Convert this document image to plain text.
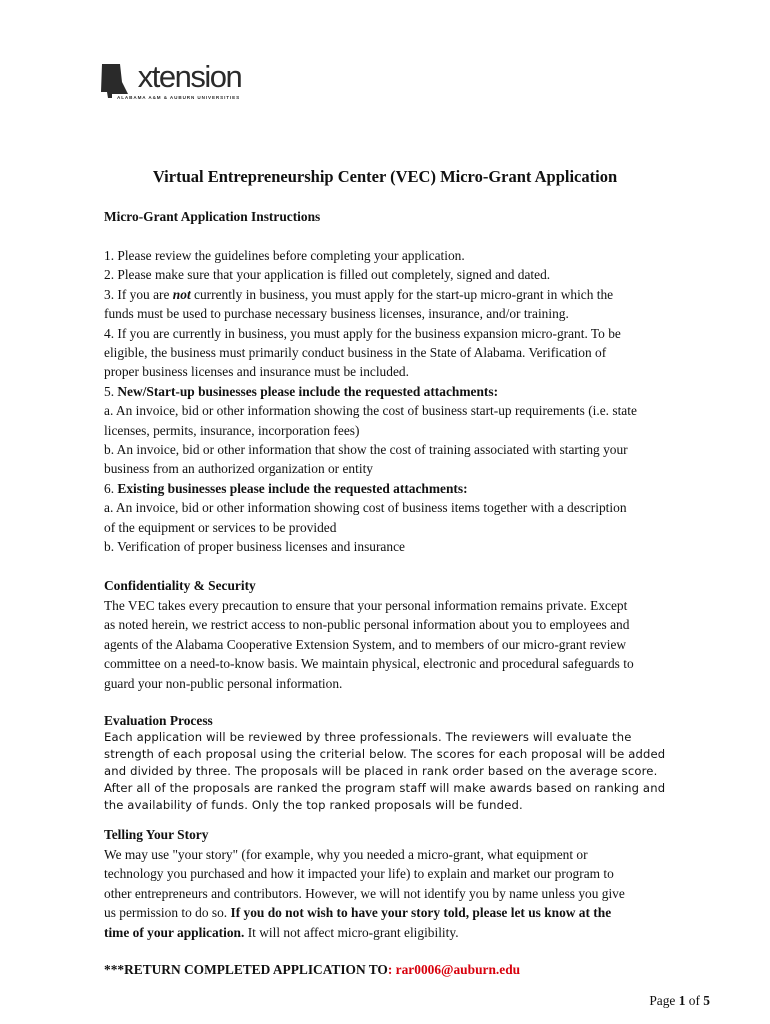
extension
ALABAMA A&M & AUBURN UNIVERSITIES
Virtual Entrepreneurship Center (VEC) Micro-Grant Application
Micro-Grant Application Instructions

1. Please review the guidelines before completing your application.

2. Please make sure that your application is filled out completely, signed and dated.

3. If you are not currently in business, you must apply for the start-up micro-grant in which the

funds must be used to purchase necessary business licenses, insurance, and/or training.

4. If you are currently in business, you must apply for the business expansion micro-grant. To be

eligible, the business must primarily conduct business in the State of Alabama. Verification of

proper business licenses and insurance must be included.

5. New/Start-up businesses please include the requested attachments:

a. An invoice, bid or other information showing the cost of business start-up requirements (i.e. state

licenses, permits, insurance, incorporation fees)

b. An invoice, bid or other information that show the cost of training associated with starting your

business from an authorized organization or entity

6. Existing businesses please include the requested attachments:

a. An invoice, bid or other information showing cost of business items together with a description

of the equipment or services to be provided

b. Verification of proper business licenses and insurance

Confidentiality & Security

The VEC takes every precaution to ensure that your personal information remains private. Except

as noted herein, we restrict access to non-public personal information about you to employees and

agents of the Alabama Cooperative Extension System, and to members of our micro-grant review

committee on a need-to-know basis. We maintain physical, electronic and procedural safeguards to

guard your non-public personal information.

Evaluation Process

Each application will be reviewed by three professionals. The reviewers will evaluate the

strength of each proposal using the criterial below. The scores for each proposal will be added

and divided by three. The proposals will be placed in rank order based on the average score.

After all of the proposals are ranked the program staff will make awards based on ranking and

the availability of funds. Only the top ranked proposals will be funded.

Telling Your Story

We may use "your story" (for example, why you needed a micro-grant, what equipment or

technology you purchased and how it impacted your life) to explain and market our program to

other entrepreneurs and contributors. However, we will not identify you by name unless you give

us permission to do so. If you do not wish to have your story told, please let us know at the

time of your application. It will not affect micro-grant eligibility.

***RETURN COMPLETED APPLICATION TO: rar0006@auburn.edu

Page 1 of 5
